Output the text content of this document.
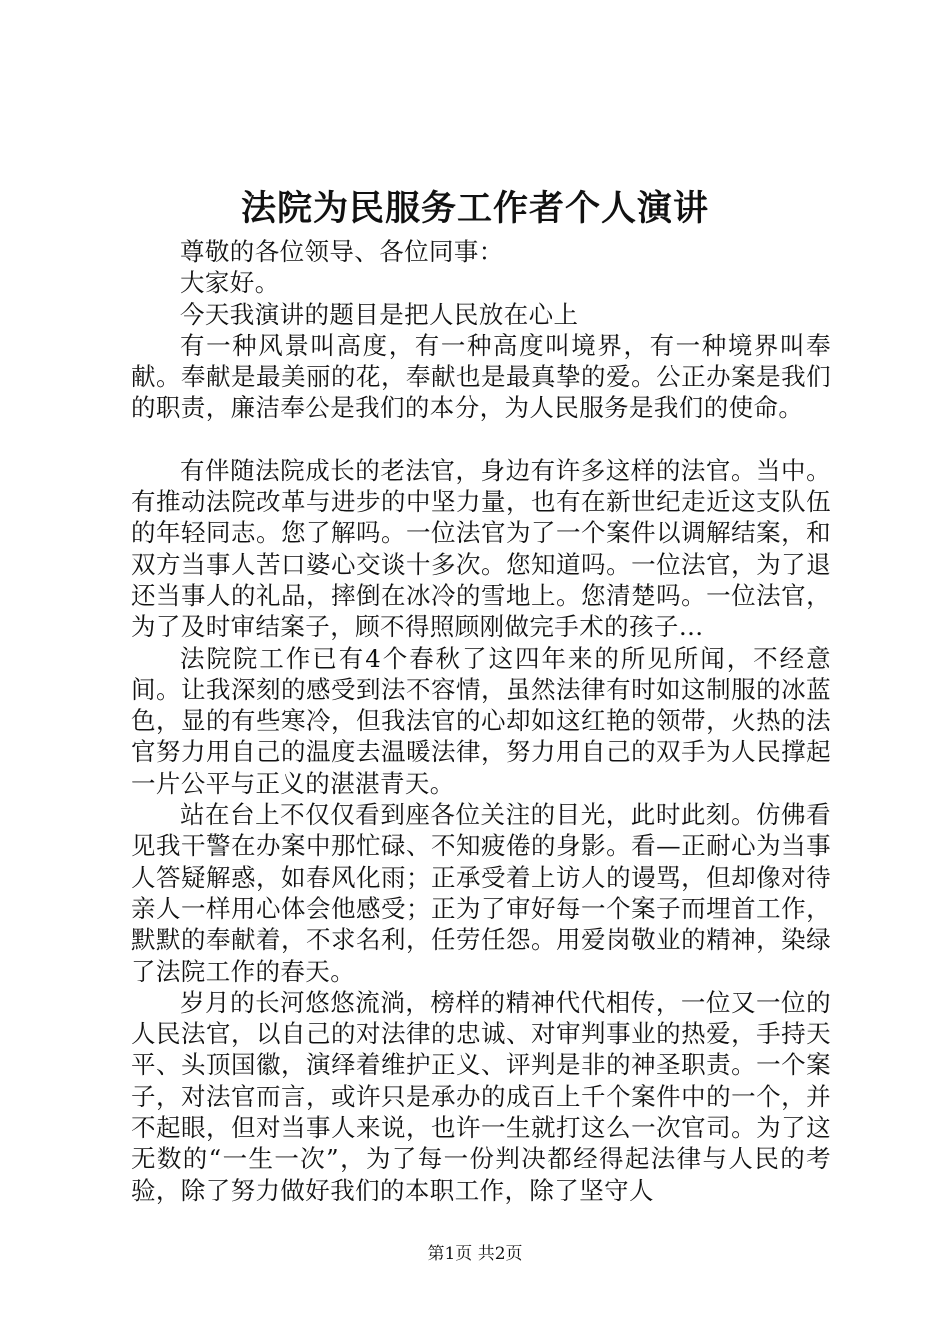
法院为民服务工作者个人演讲

尊敬的各位领导、各位同事：

大家好。

今天我演讲的题目是把人民放在心上

有一种风景叫高度，有一种高度叫境界，有一种境界叫奉献。奉献是最美丽的花，奉献也是最真挚的爱。公正办案是我们的职责，廉洁奉公是我们的本分，为人民服务是我们的使命。

有伴随法院成长的老法官，身边有许多这样的法官。当中。有推动法院改革与进步的中坚力量，也有在新世纪走近这支队伍的年轻同志。您了解吗。一位法官为了一个案件以调解结案，和双方当事人苦口婆心交谈十多次。您知道吗。一位法官，为了退还当事人的礼品，摔倒在冰冷的雪地上。您清楚吗。一位法官，为了及时审结案子，顾不得照顾刚做完手术的孩子…

法院院工作已有4个春秋了这四年来的所见所闻，不经意间。让我深刻的感受到法不容情，虽然法律有时如这制服的冰蓝色，显的有些寒冷，但我法官的心却如这红艳的领带，火热的法官努力用自己的温度去温暖法律，努力用自己的双手为人民撑起一片公平与正义的湛湛青天。

站在台上不仅仅看到座各位关注的目光，此时此刻。仿佛看见我干警在办案中那忙碌、不知疲倦的身影。看—正耐心为当事人答疑解惑，如春风化雨；正承受着上访人的谩骂，但却像对待亲人一样用心体会他感受；正为了审好每一个案子而埋首工作，默默的奉献着，不求名利，任劳任怨。用爱岗敬业的精神，染绿了法院工作的春天。

岁月的长河悠悠流淌，榜样的精神代代相传，一位又一位的人民法官，以自己的对法律的忠诚、对审判事业的热爱，手持天平、头顶国徽，演绎着维护正义、评判是非的神圣职责。一个案子，对法官而言，或许只是承办的成百上千个案件中的一个，并不起眼，但对当事人来说，也许一生就打这么一次官司。为了这无数的“一生一次”，为了每一份判决都经得起法律与人民的考验，除了努力做好我们的本职工作，除了坚守人

第1页 共2页
